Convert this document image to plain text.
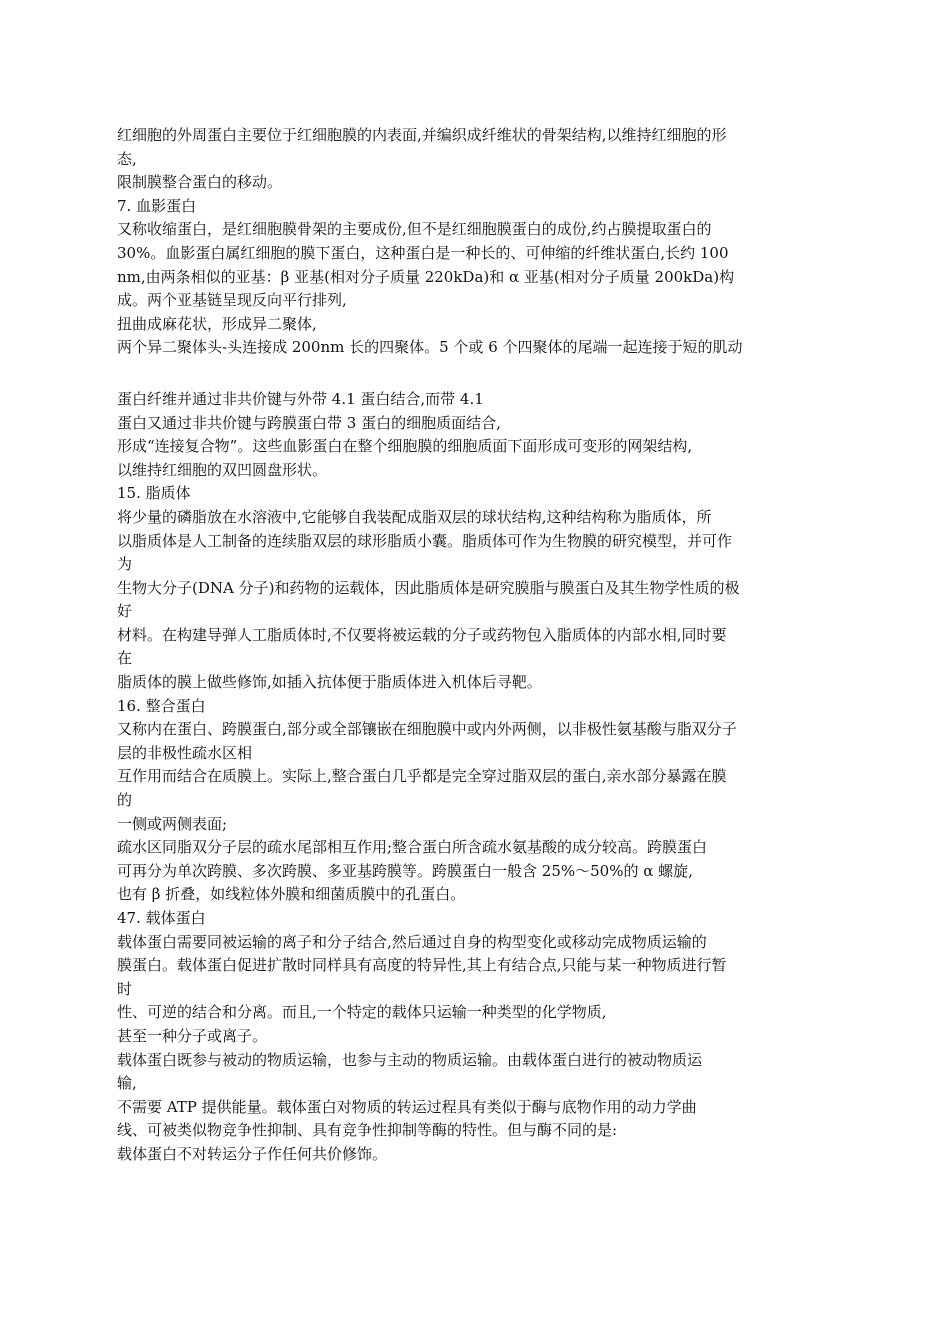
红细胞的外周蛋白主要位于红细胞膜的内表面,并编织成纤维状的骨架结构,以维持红细胞的形
态,
限制膜整合蛋白的移动。
7. 血影蛋白
又称收缩蛋白，是红细胞膜骨架的主要成份,但不是红细胞膜蛋白的成份,约占膜提取蛋白的
30%。血影蛋白属红细胞的膜下蛋白，这种蛋白是一种长的、可伸缩的纤维状蛋白,长约 100
nm,由两条相似的亚基：β 亚基(相对分子质量 220kDa)和 α 亚基(相对分子质量 200kDa)构
成。两个亚基链呈现反向平行排列,
扭曲成麻花状，形成异二聚体,
两个异二聚体头-头连接成 200nm 长的四聚体。5 个或 6 个四聚体的尾端一起连接于短的肌动
蛋白纤维并通过非共价键与外带 4.1 蛋白结合,而带 4.1
蛋白又通过非共价键与跨膜蛋白带 3 蛋白的细胞质面结合,
形成“连接复合物”。这些血影蛋白在整个细胞膜的细胞质面下面形成可变形的网架结构,
以维持红细胞的双凹圆盘形状。
15. 脂质体
将少量的磷脂放在水溶液中,它能够自我装配成脂双层的球状结构,这种结构称为脂质体，所
以脂质体是人工制备的连续脂双层的球形脂质小囊。脂质体可作为生物膜的研究模型，并可作
为
生物大分子(DNA 分子)和药物的运载体，因此脂质体是研究膜脂与膜蛋白及其生物学性质的极
好
材料。在构建导弹人工脂质体时,不仅要将被运载的分子或药物包入脂质体的内部水相,同时要
在
脂质体的膜上做些修饰,如插入抗体便于脂质体进入机体后寻靶。
16. 整合蛋白
又称内在蛋白、跨膜蛋白,部分或全部镶嵌在细胞膜中或内外两侧，以非极性氨基酸与脂双分子
层的非极性疏水区相
互作用而结合在质膜上。实际上,整合蛋白几乎都是完全穿过脂双层的蛋白,亲水部分暴露在膜
的
一侧或两侧表面;
疏水区同脂双分子层的疏水尾部相互作用;整合蛋白所含疏水氨基酸的成分较高。跨膜蛋白
可再分为单次跨膜、多次跨膜、多亚基跨膜等。跨膜蛋白一般含 25%～50%的 α 螺旋,
也有 β 折叠，如线粒体外膜和细菌质膜中的孔蛋白。
47. 载体蛋白
载体蛋白需要同被运输的离子和分子结合,然后通过自身的构型变化或移动完成物质运输的
膜蛋白。载体蛋白促进扩散时同样具有高度的特异性,其上有结合点,只能与某一种物质进行暂
时
性、可逆的结合和分离。而且,一个特定的载体只运输一种类型的化学物质,
甚至一种分子或离子。
载体蛋白既参与被动的物质运输，也参与主动的物质运输。由载体蛋白进行的被动物质运
输,
不需要 ATP 提供能量。载体蛋白对物质的转运过程具有类似于酶与底物作用的动力学曲
线、可被类似物竞争性抑制、具有竞争性抑制等酶的特性。但与酶不同的是:
载体蛋白不对转运分子作任何共价修饰。
